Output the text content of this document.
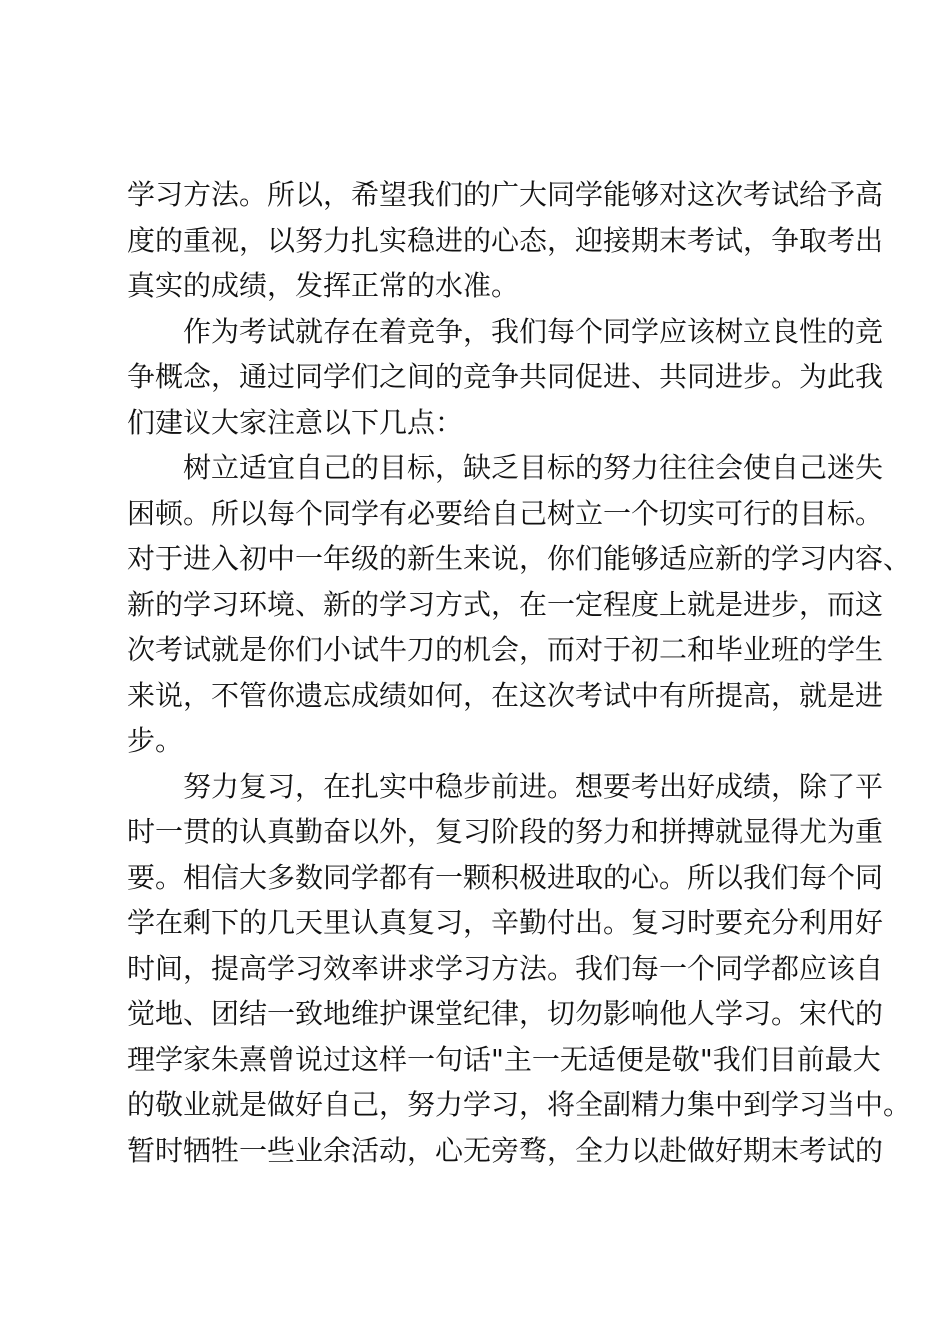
学习方法。所以，希望我们的广大同学能够对这次考试给予高
度的重视，以努力扎实稳进的心态，迎接期末考试，争取考出
真实的成绩，发挥正常的水准。
作为考试就存在着竞争，我们每个同学应该树立良性的竞
争概念，通过同学们之间的竞争共同促进、共同进步。为此我
们建议大家注意以下几点：
树立适宜自己的目标，缺乏目标的努力往往会使自己迷失
困顿。所以每个同学有必要给自己树立一个切实可行的目标。
对于进入初中一年级的新生来说，你们能够适应新的学习内容、
新的学习环境、新的学习方式，在一定程度上就是进步，而这
次考试就是你们小试牛刀的机会，而对于初二和毕业班的学生
来说，不管你遗忘成绩如何，在这次考试中有所提高，就是进
步。
努力复习，在扎实中稳步前进。想要考出好成绩，除了平
时一贯的认真勤奋以外，复习阶段的努力和拼搏就显得尤为重
要。相信大多数同学都有一颗积极进取的心。所以我们每个同
学在剩下的几天里认真复习，辛勤付出。复习时要充分利用好
时间，提高学习效率讲求学习方法。我们每一个同学都应该自
觉地、团结一致地维护课堂纪律，切勿影响他人学习。宋代的
理学家朱熹曾说过这样一句话"主一无适便是敬"我们目前最大
的敬业就是做好自己，努力学习，将全副精力集中到学习当中。
暂时牺牲一些业余活动，心无旁骛，全力以赴做好期末考试的
